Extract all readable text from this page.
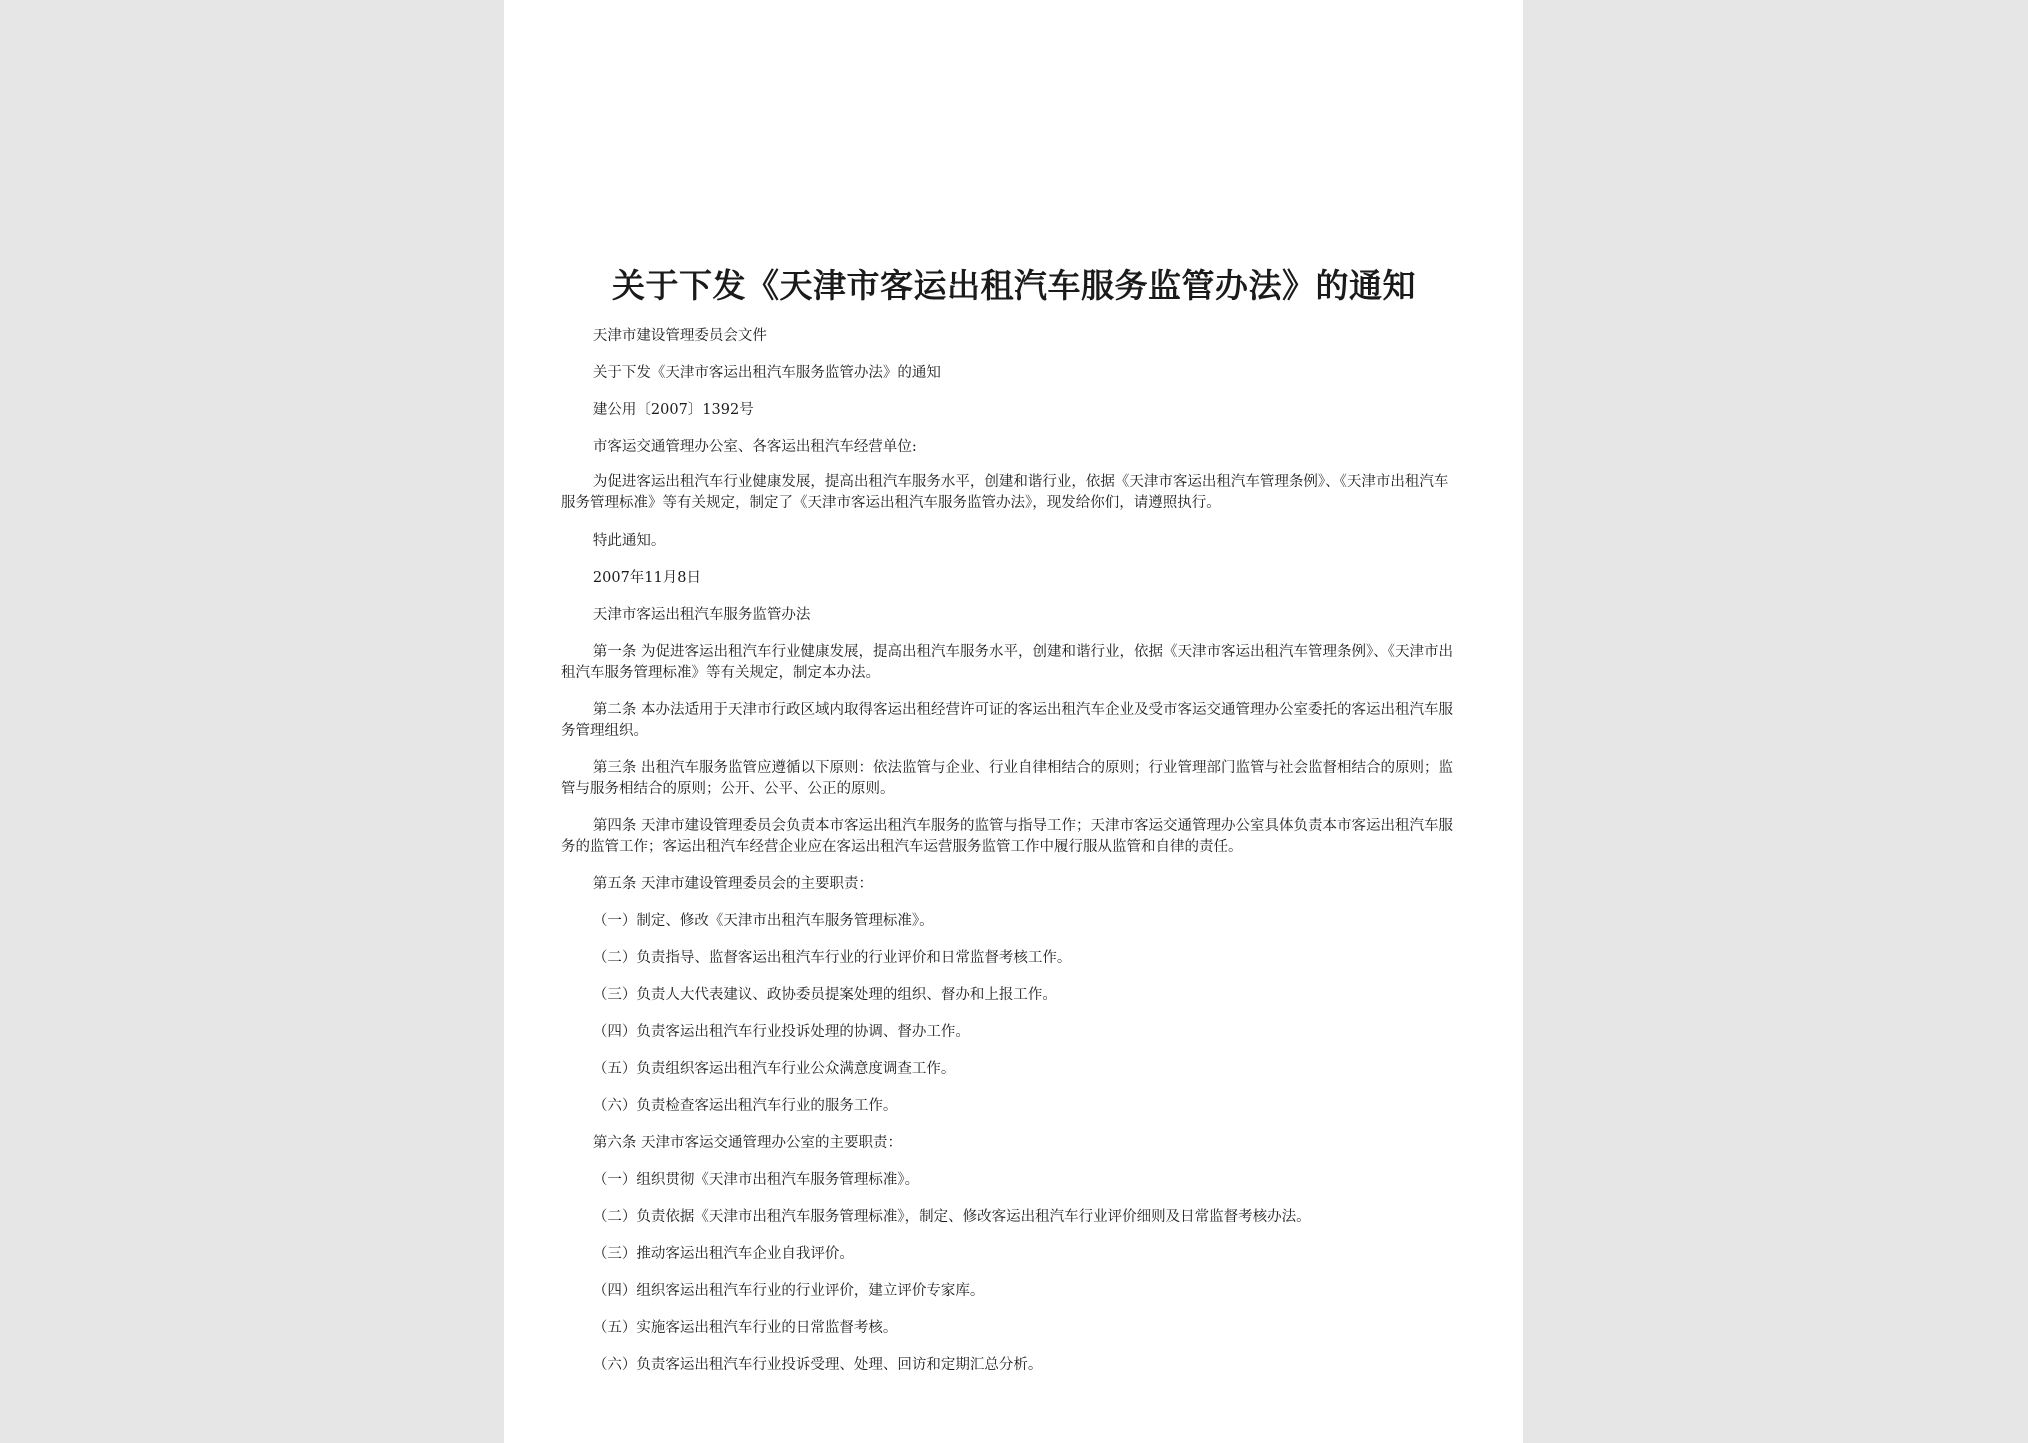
关于下发《天津市客运出租汽车服务监管办法》的通知

天津市建设管理委员会文件

关于下发《天津市客运出租汽车服务监管办法》的通知

建公用〔2007〕1392号

市客运交通管理办公室、各客运出租汽车经营单位:

为促进客运出租汽车行业健康发展，提高出租汽车服务水平，创建和谐行业，依据《天津市客运出租汽车管理条例》、《天津市出租汽车服务管理标准》等有关规定，制定了《天津市客运出租汽车服务监管办法》，现发给你们，请遵照执行。

特此通知。

2007年11月8日

天津市客运出租汽车服务监管办法

第一条 为促进客运出租汽车行业健康发展，提高出租汽车服务水平，创建和谐行业，依据《天津市客运出租汽车管理条例》、《天津市出租汽车服务管理标准》等有关规定，制定本办法。

第二条 本办法适用于天津市行政区域内取得客运出租经营许可证的客运出租汽车企业及受市客运交通管理办公室委托的客运出租汽车服务管理组织。

第三条 出租汽车服务监管应遵循以下原则：依法监管与企业、行业自律相结合的原则；行业管理部门监管与社会监督相结合的原则；监管与服务相结合的原则；公开、公平、公正的原则。

第四条 天津市建设管理委员会负责本市客运出租汽车服务的监管与指导工作；天津市客运交通管理办公室具体负责本市客运出租汽车服务的监管工作；客运出租汽车经营企业应在客运出租汽车运营服务监管工作中履行服从监管和自律的责任。

第五条 天津市建设管理委员会的主要职责：

（一）制定、修改《天津市出租汽车服务管理标准》。

（二）负责指导、监督客运出租汽车行业的行业评价和日常监督考核工作。

（三）负责人大代表建议、政协委员提案处理的组织、督办和上报工作。

（四）负责客运出租汽车行业投诉处理的协调、督办工作。

（五）负责组织客运出租汽车行业公众满意度调查工作。

（六）负责检查客运出租汽车行业的服务工作。

第六条 天津市客运交通管理办公室的主要职责：

（一）组织贯彻《天津市出租汽车服务管理标准》。

（二）负责依据《天津市出租汽车服务管理标准》，制定、修改客运出租汽车行业评价细则及日常监督考核办法。

（三）推动客运出租汽车企业自我评价。

（四）组织客运出租汽车行业的行业评价，建立评价专家库。

（五）实施客运出租汽车行业的日常监督考核。

（六）负责客运出租汽车行业投诉受理、处理、回访和定期汇总分析。
